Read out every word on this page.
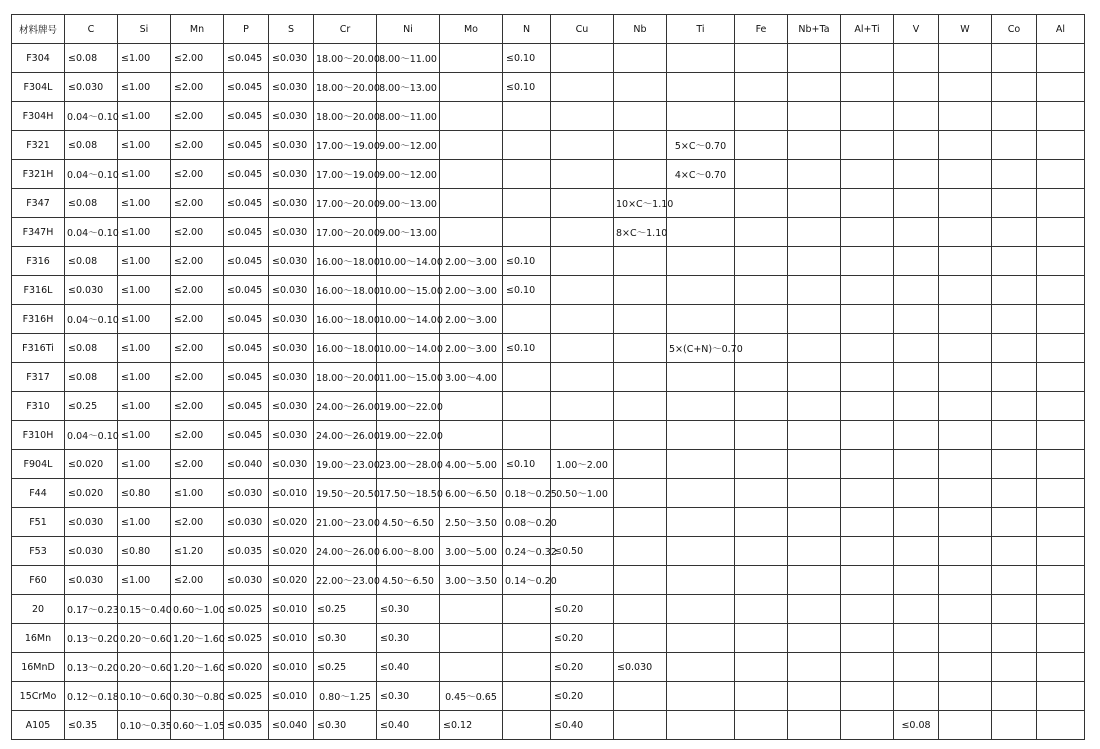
材料牌号	C	Si	Mn	P	S	Cr	Ni	Mo	N	Cu	Nb	Ti	Fe	Nb+Ta	Al+Ti	V	W	Co	Al
F304	≤0.08	≤1.00	≤2.00	≤0.045	≤0.030	18.00～20.00	8.00～11.00		≤0.10										
F304L	≤0.030	≤1.00	≤2.00	≤0.045	≤0.030	18.00～20.00	8.00～13.00		≤0.10										
F304H	0.04～0.10	≤1.00	≤2.00	≤0.045	≤0.030	18.00～20.00	8.00～11.00												
F321	≤0.08	≤1.00	≤2.00	≤0.045	≤0.030	17.00～19.00	9.00～12.00					5×C～0.70							
F321H	0.04～0.10	≤1.00	≤2.00	≤0.045	≤0.030	17.00～19.00	9.00～12.00					4×C～0.70							
F347	≤0.08	≤1.00	≤2.00	≤0.045	≤0.030	17.00～20.00	9.00～13.00				10×C～1.10								
F347H	0.04～0.10	≤1.00	≤2.00	≤0.045	≤0.030	17.00～20.00	9.00～13.00				8×C～1.10								
F316	≤0.08	≤1.00	≤2.00	≤0.045	≤0.030	16.00～18.00	10.00～14.00	2.00～3.00	≤0.10										
F316L	≤0.030	≤1.00	≤2.00	≤0.045	≤0.030	16.00～18.00	10.00～15.00	2.00～3.00	≤0.10										
F316H	0.04～0.10	≤1.00	≤2.00	≤0.045	≤0.030	16.00～18.00	10.00～14.00	2.00～3.00											
F316Ti	≤0.08	≤1.00	≤2.00	≤0.045	≤0.030	16.00～18.00	10.00～14.00	2.00～3.00	≤0.10			5×(C+N)～0.70							
F317	≤0.08	≤1.00	≤2.00	≤0.045	≤0.030	18.00～20.00	11.00～15.00	3.00～4.00											
F310	≤0.25	≤1.00	≤2.00	≤0.045	≤0.030	24.00～26.00	19.00～22.00												
F310H	0.04～0.10	≤1.00	≤2.00	≤0.045	≤0.030	24.00～26.00	19.00～22.00												
F904L	≤0.020	≤1.00	≤2.00	≤0.040	≤0.030	19.00～23.00	23.00～28.00	4.00～5.00	≤0.10	1.00～2.00									
F44	≤0.020	≤0.80	≤1.00	≤0.030	≤0.010	19.50～20.50	17.50～18.50	6.00～6.50	0.18～0.25	0.50～1.00									
F51	≤0.030	≤1.00	≤2.00	≤0.030	≤0.020	21.00～23.00	4.50～6.50	2.50～3.50	0.08～0.20										
F53	≤0.030	≤0.80	≤1.20	≤0.035	≤0.020	24.00～26.00	6.00～8.00	3.00～5.00	0.24～0.32	≤0.50									
F60	≤0.030	≤1.00	≤2.00	≤0.030	≤0.020	22.00～23.00	4.50～6.50	3.00～3.50	0.14～0.20										
20	0.17～0.23	0.15～0.40	0.60～1.00	≤0.025	≤0.010	≤0.25	≤0.30			≤0.20									
16Mn	0.13～0.20	0.20～0.60	1.20～1.60	≤0.025	≤0.010	≤0.30	≤0.30			≤0.20									
16MnD	0.13～0.20	0.20～0.60	1.20～1.60	≤0.020	≤0.010	≤0.25	≤0.40			≤0.20	≤0.030								
15CrMo	0.12～0.18	0.10～0.60	0.30～0.80	≤0.025	≤0.010	0.80～1.25	≤0.30	0.45～0.65		≤0.20									
A105	≤0.35	0.10～0.35	0.60～1.05	≤0.035	≤0.040	≤0.30	≤0.40	≤0.12		≤0.40						≤0.08			
